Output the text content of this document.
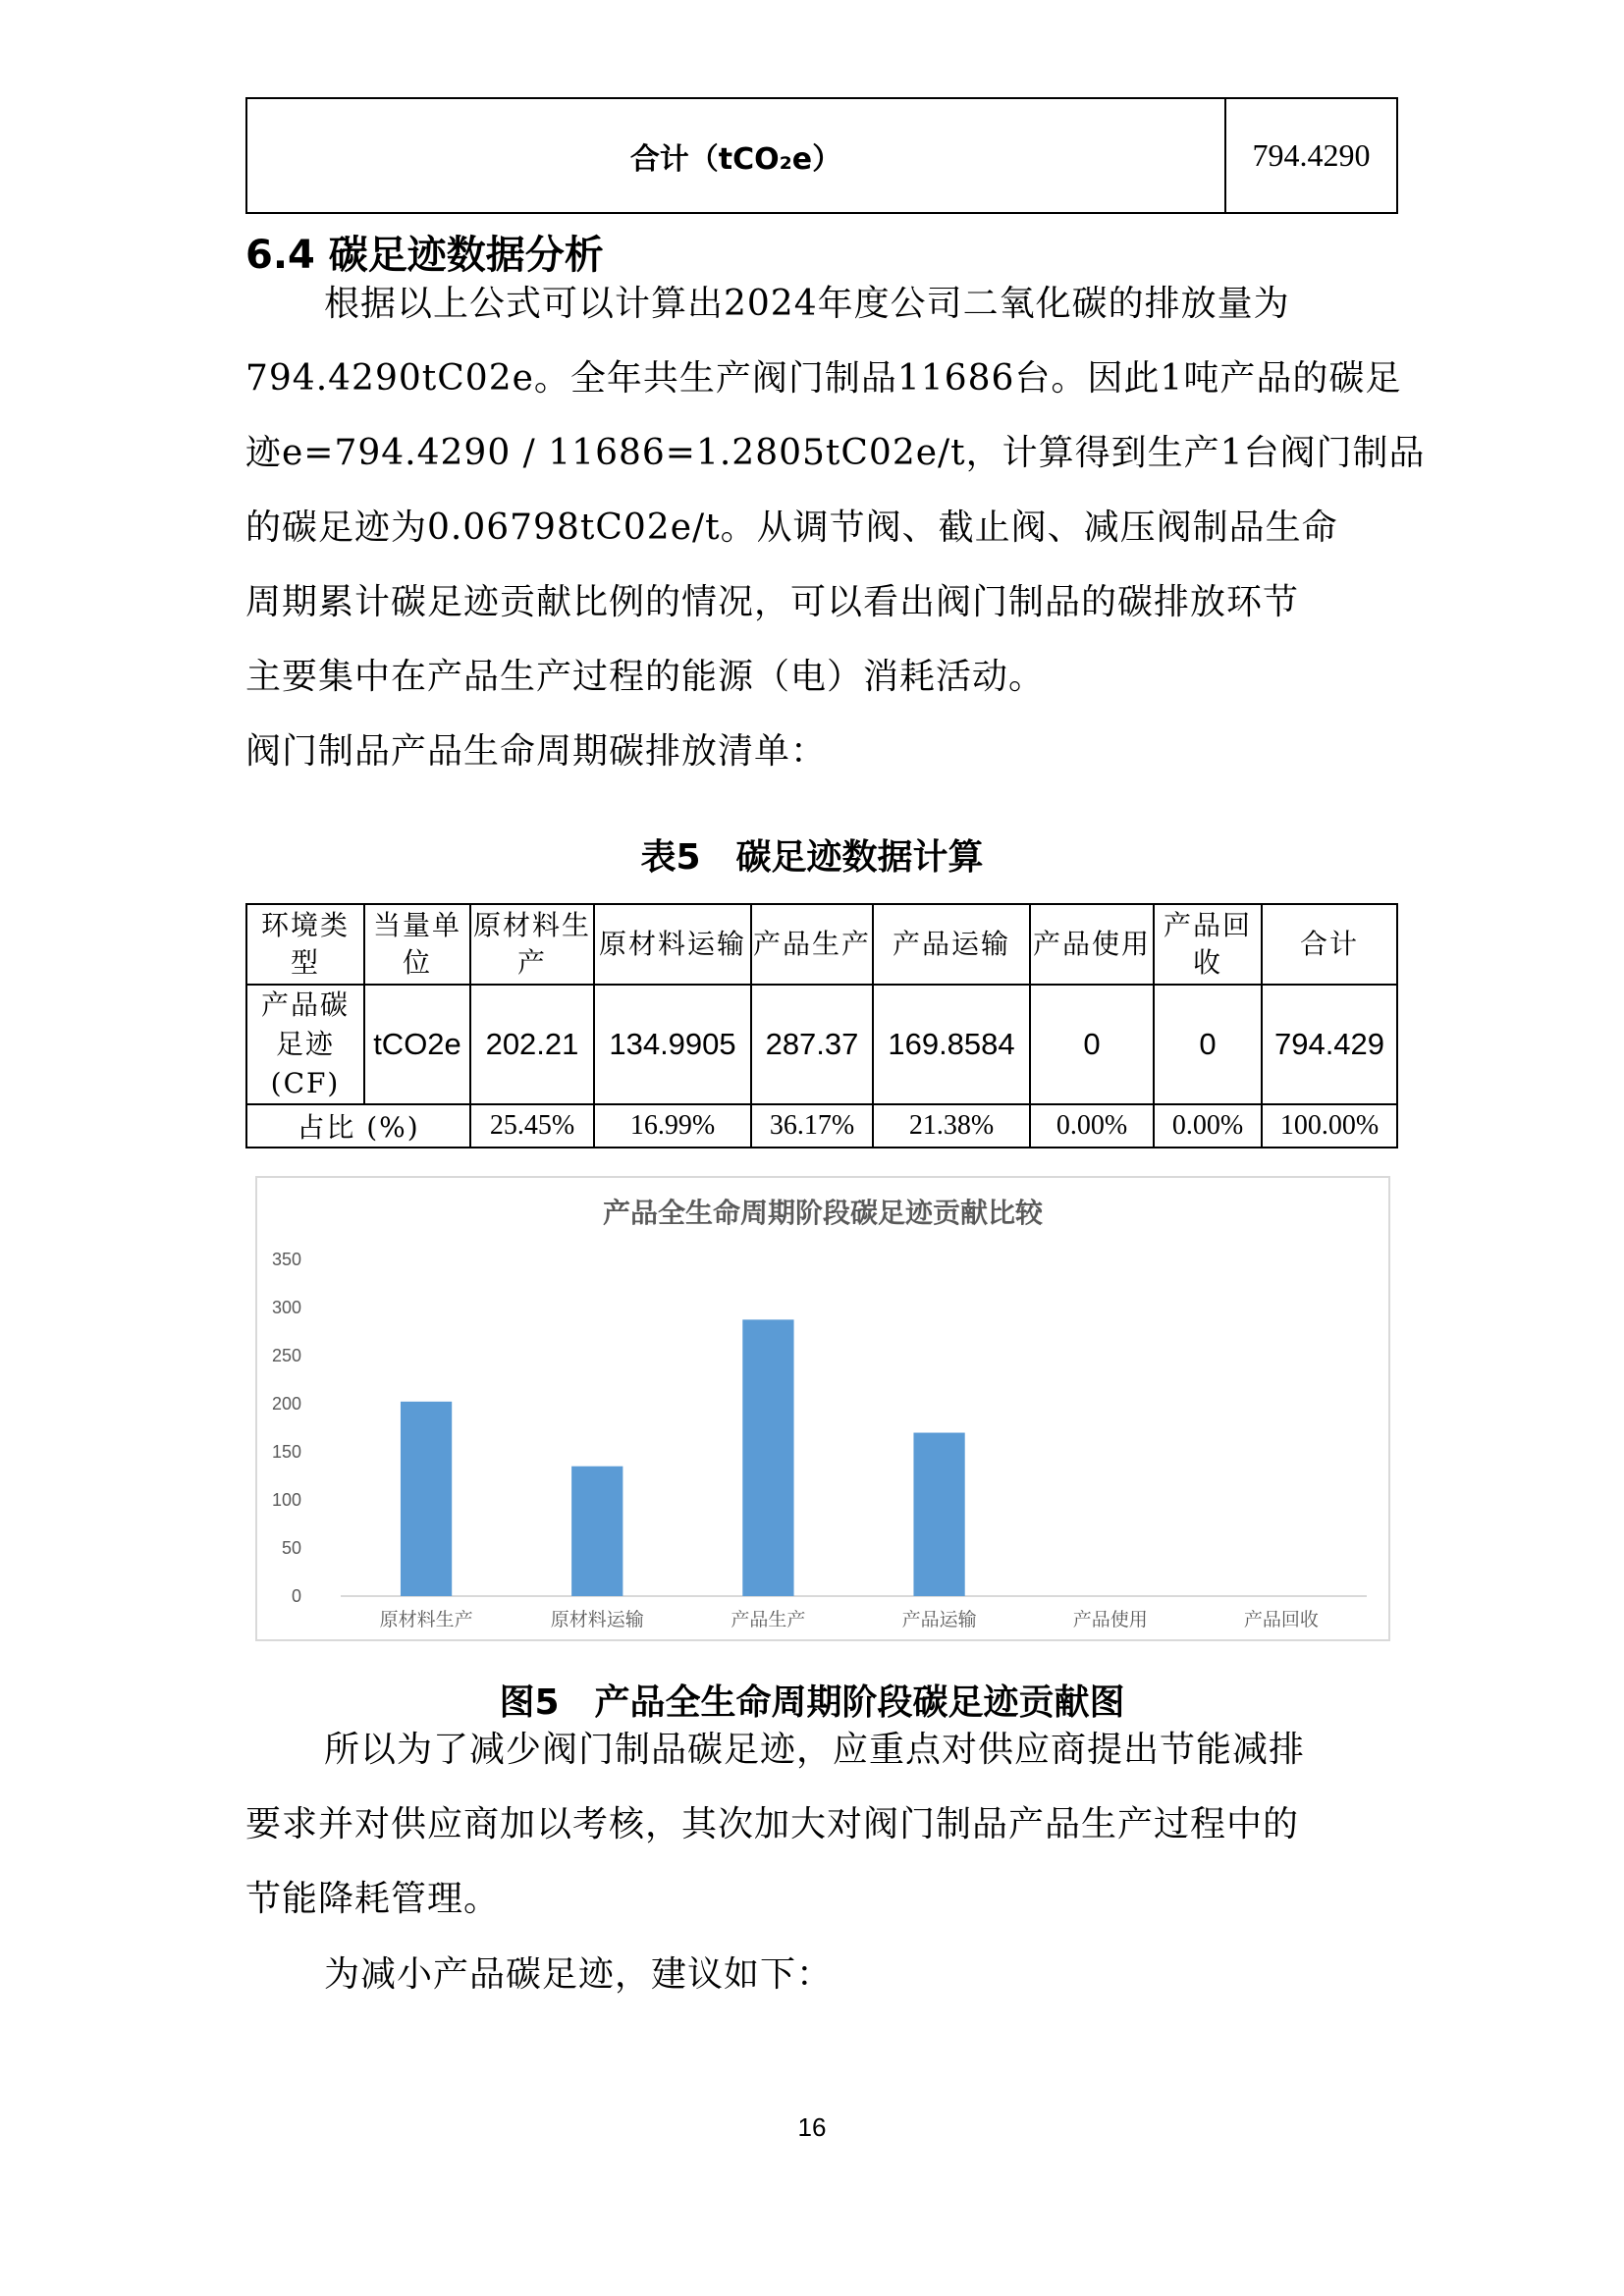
合计（tCO₂e）	794.4290
6.4 碳足迹数据分析
根据以上公式可以计算出2024年度公司二氧化碳的排放量为
794.4290tC02e。全年共生产阀门制品11686台。因此1吨产品的碳足
迹e=794.4290 / 11686=1.2805tC02e/t，计算得到生产1台阀门制品
的碳足迹为0.06798tC02e/t。从调节阀、截止阀、减压阀制品生命
周期累计碳足迹贡献比例的情况，可以看出阀门制品的碳排放环节
主要集中在产品生产过程的能源（电）消耗活动。
阀门制品产品生命周期碳排放清单：
表5　碳足迹数据计算
环境类型	当量单位	原材料生产	原材料运输	产品生产	产品运输	产品使用	产品回收	合计

产品碳
足迹
(CF)	tCO2e	202.21	134.9905	287.37	169.8584	0	0	794.429
占比 (%)		25.45%	16.99%	36.17%	21.38%	0.00%	0.00%	100.00%
产品全生命周期阶段碳足迹贡献比较
0
50
100
150
200
250
300
350
原材料生产	原材料运输	产品生产	产品运输	产品使用	产品回收
图5　产品全生命周期阶段碳足迹贡献图
所以为了减少阀门制品碳足迹，应重点对供应商提出节能减排
要求并对供应商加以考核，其次加大对阀门制品产品生产过程中的
节能降耗管理。
为减小产品碳足迹，建议如下：
16
